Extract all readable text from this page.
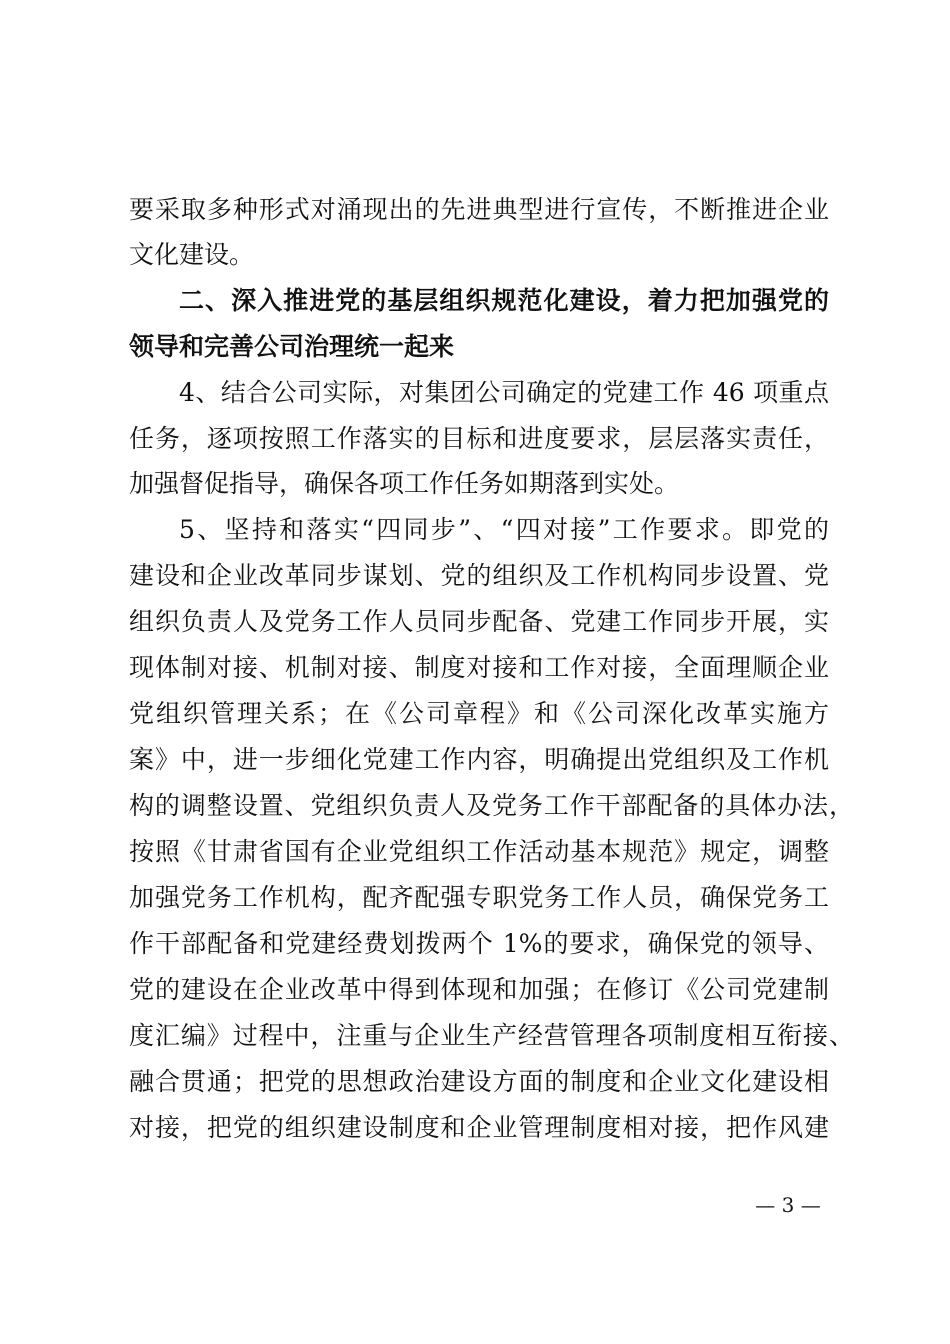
要采取多种形式对涌现出的先进典型进行宣传，不断推进企业
文化建设。
二、深入推进党的基层组织规范化建设，着力把加强党的
领导和完善公司治理统一起来
4、结合公司实际，对集团公司确定的党建工作 46 项重点
任务，逐项按照工作落实的目标和进度要求，层层落实责任，
加强督促指导，确保各项工作任务如期落到实处。
5、坚持和落实“四同步”、“四对接”工作要求。即党的
建设和企业改革同步谋划、党的组织及工作机构同步设置、党
组织负责人及党务工作人员同步配备、党建工作同步开展，实
现体制对接、机制对接、制度对接和工作对接，全面理顺企业
党组织管理关系；在《公司章程》和《公司深化改革实施方
案》中，进一步细化党建工作内容，明确提出党组织及工作机
构的调整设置、党组织负责人及党务工作干部配备的具体办法，
按照《甘肃省国有企业党组织工作活动基本规范》规定，调整
加强党务工作机构，配齐配强专职党务工作人员，确保党务工
作干部配备和党建经费划拨两个 1%的要求，确保党的领导、
党的建设在企业改革中得到体现和加强；在修订《公司党建制
度汇编》过程中，注重与企业生产经营管理各项制度相互衔接、
融合贯通；把党的思想政治建设方面的制度和企业文化建设相
对接，把党的组织建设制度和企业管理制度相对接，把作风建
— 3 —
